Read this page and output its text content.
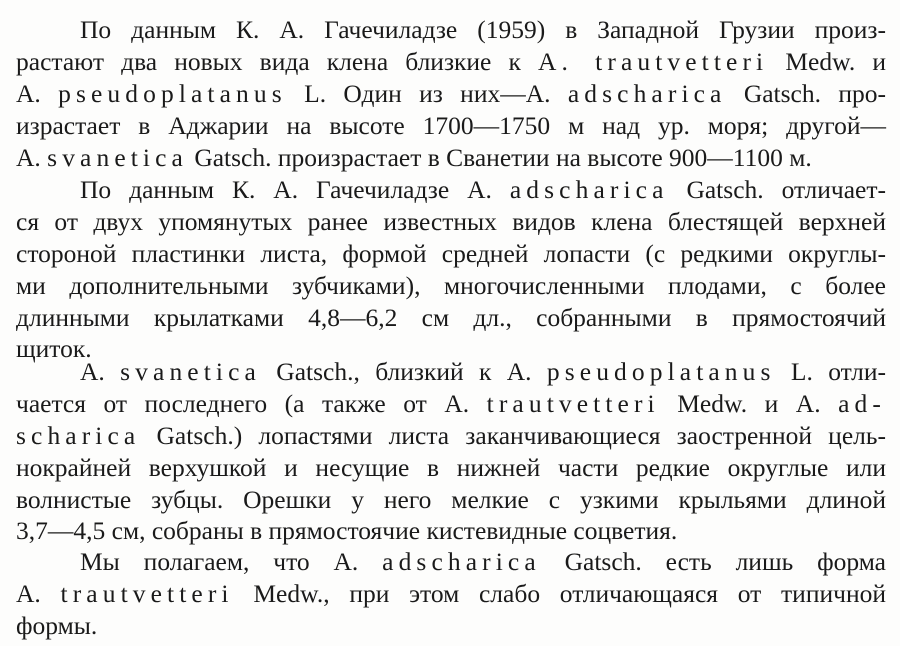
По данным К. А. Гачечиладзе (1959) в Западной Грузии произ-
растают два новых вида клена близкие к A. trautvetteri Medw. и
A. pseudoplatanus L. Один из них—A. adscharica Gatsch. про-
израстает в Аджарии на высоте 1700—1750 м над ур. моря; другой—
A. svanetica Gatsch. произрастает в Сванетии на высоте 900—1100 м.
По данным К. А. Гачечиладзе A. adscharica Gatsch. отличает-
ся от двух упомянутых ранее известных видов клена блестящей верхней
стороной пластинки листа, формой средней лопасти (с редкими округлы-
ми дополнительными зубчиками), многочисленными плодами, с более
длинными крылатками 4,8—6,2 см дл., собранными в прямостоячий
щиток.
A. svanetica Gatsch., близкий к A. pseudoplatanus L. отли-
чается от последнего (а также от A. trautvetteri Medw. и A. ad-
scharica Gatsch.) лопастями листа заканчивающиеся заостренной цель-
нокрайней верхушкой и несущие в нижней части редкие округлые или
волнистые зубцы. Орешки у него мелкие с узкими крыльями длиной
3,7—4,5 см, собраны в прямостоячие кистевидные соцветия.
Мы полагаем, что A. adscharica Gatsch. есть лишь форма
A. trautvetteri Medw., при этом слабо отличающаяся от типичной
формы.
